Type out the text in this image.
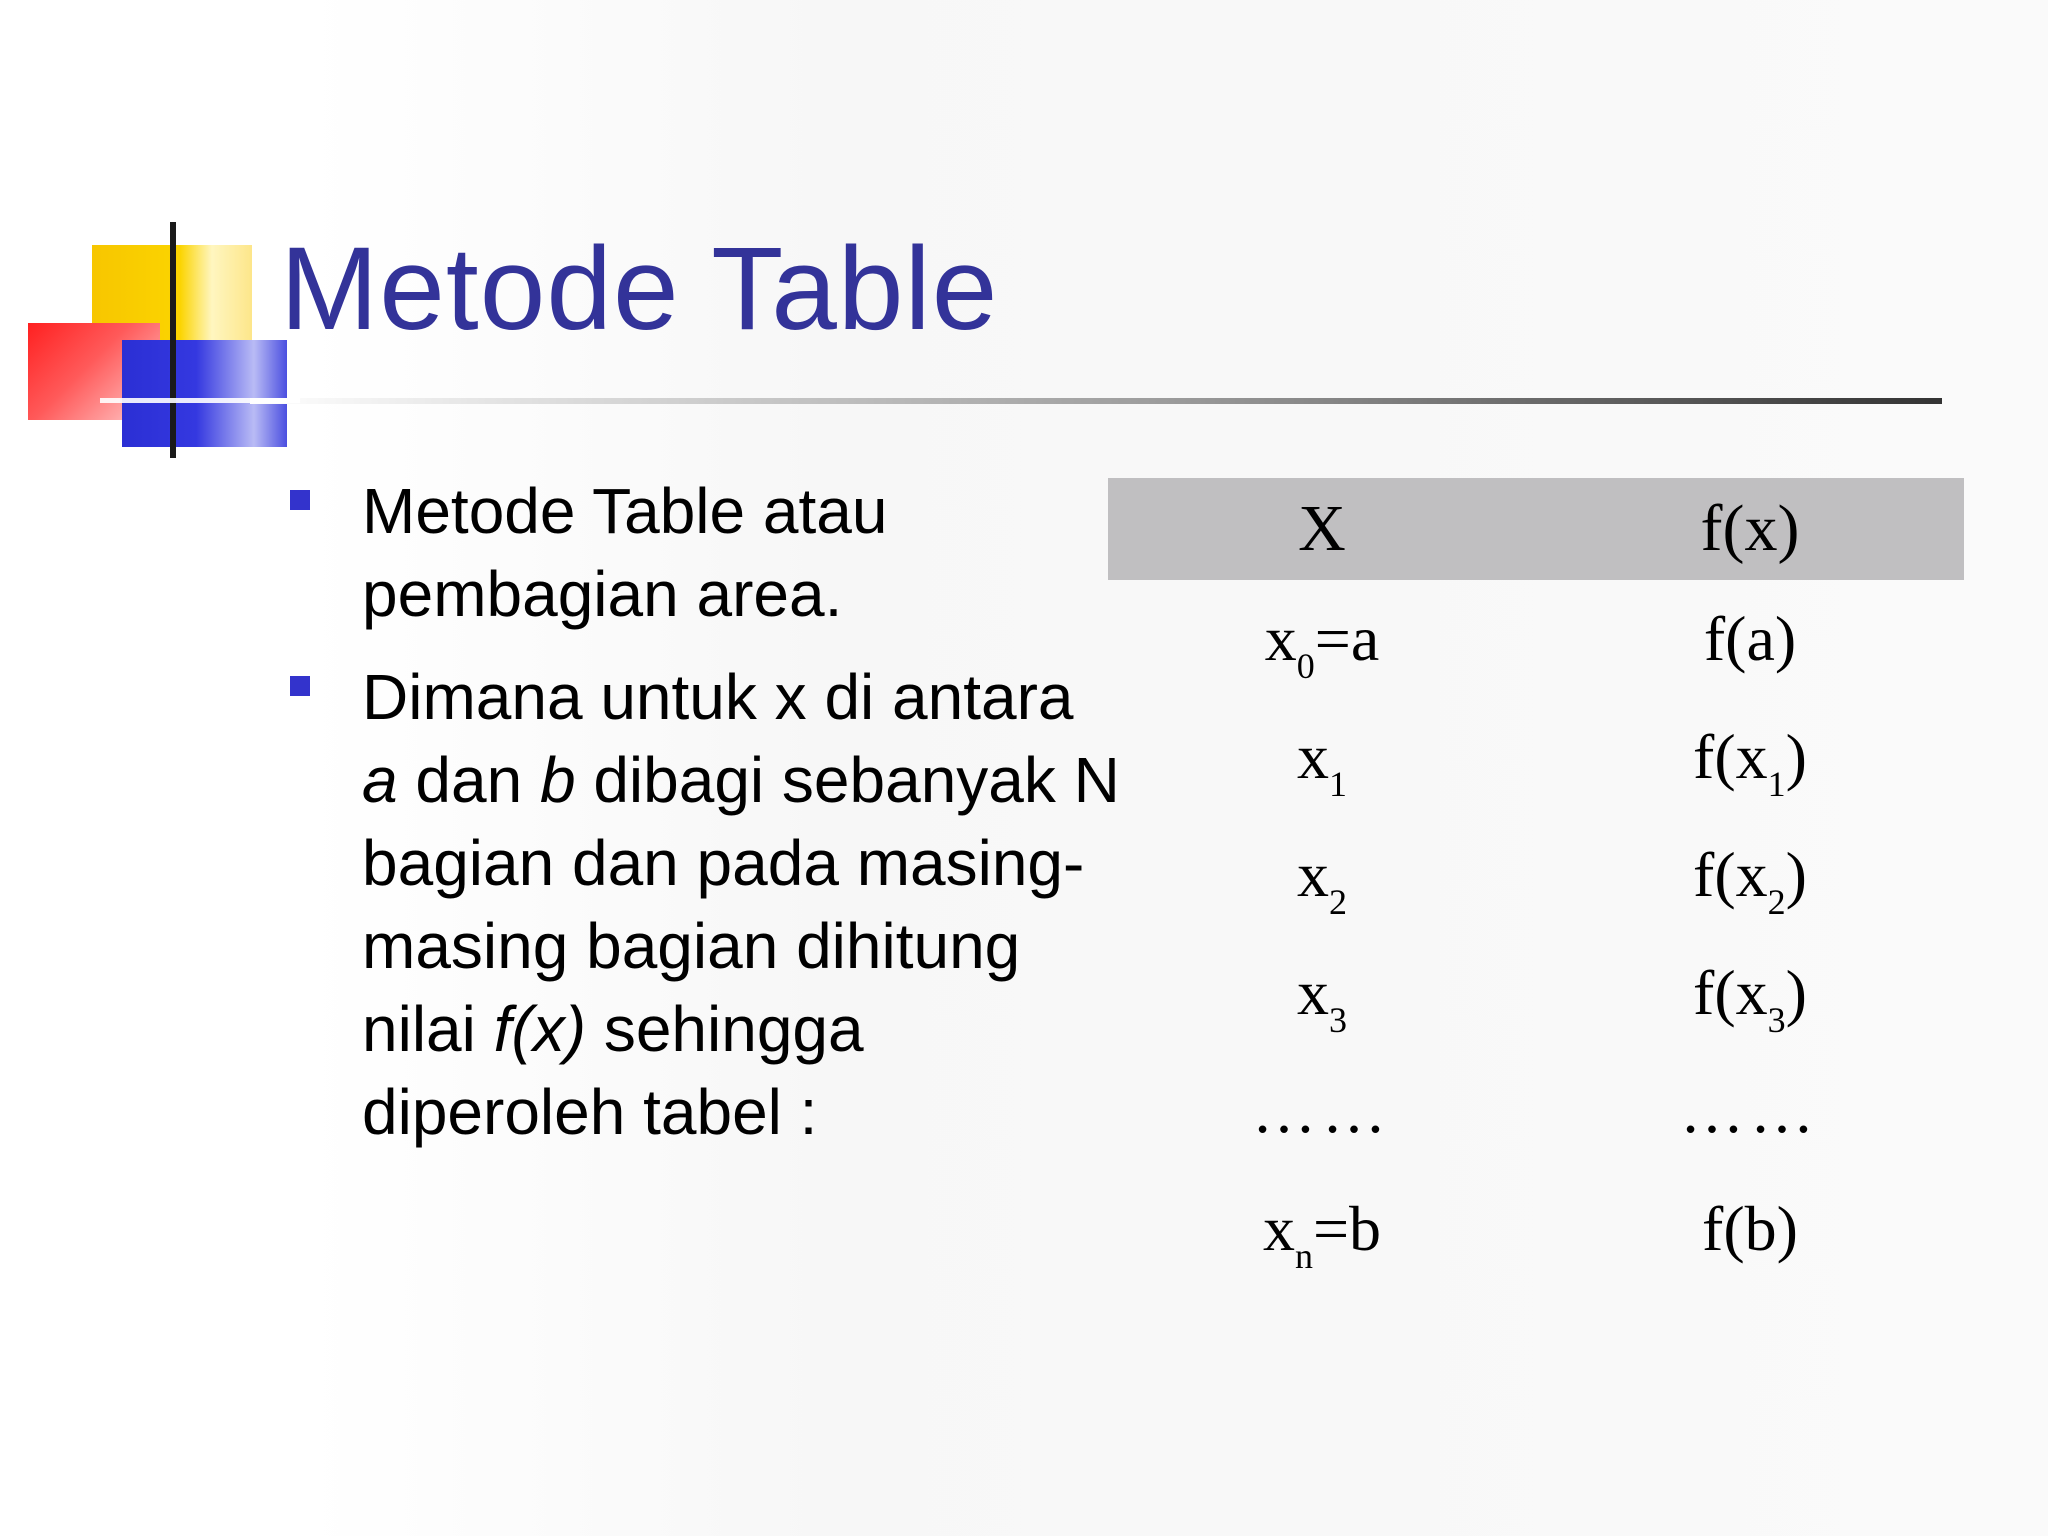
Metode Table
Metode Table atau pembagian area.
Dimana untuk x di antara a dan b dibagi sebanyak N bagian dan pada masing-masing bagian dihitung nilai f(x) sehingga diperoleh tabel :
X	f(x)
$x_0=a$	f(a)
$x_1$	$f(x_1)$
$x_2$	$f(x_2)$
$x_3$	$f(x_3)$
……	……
$x_n=b$	f(b)
